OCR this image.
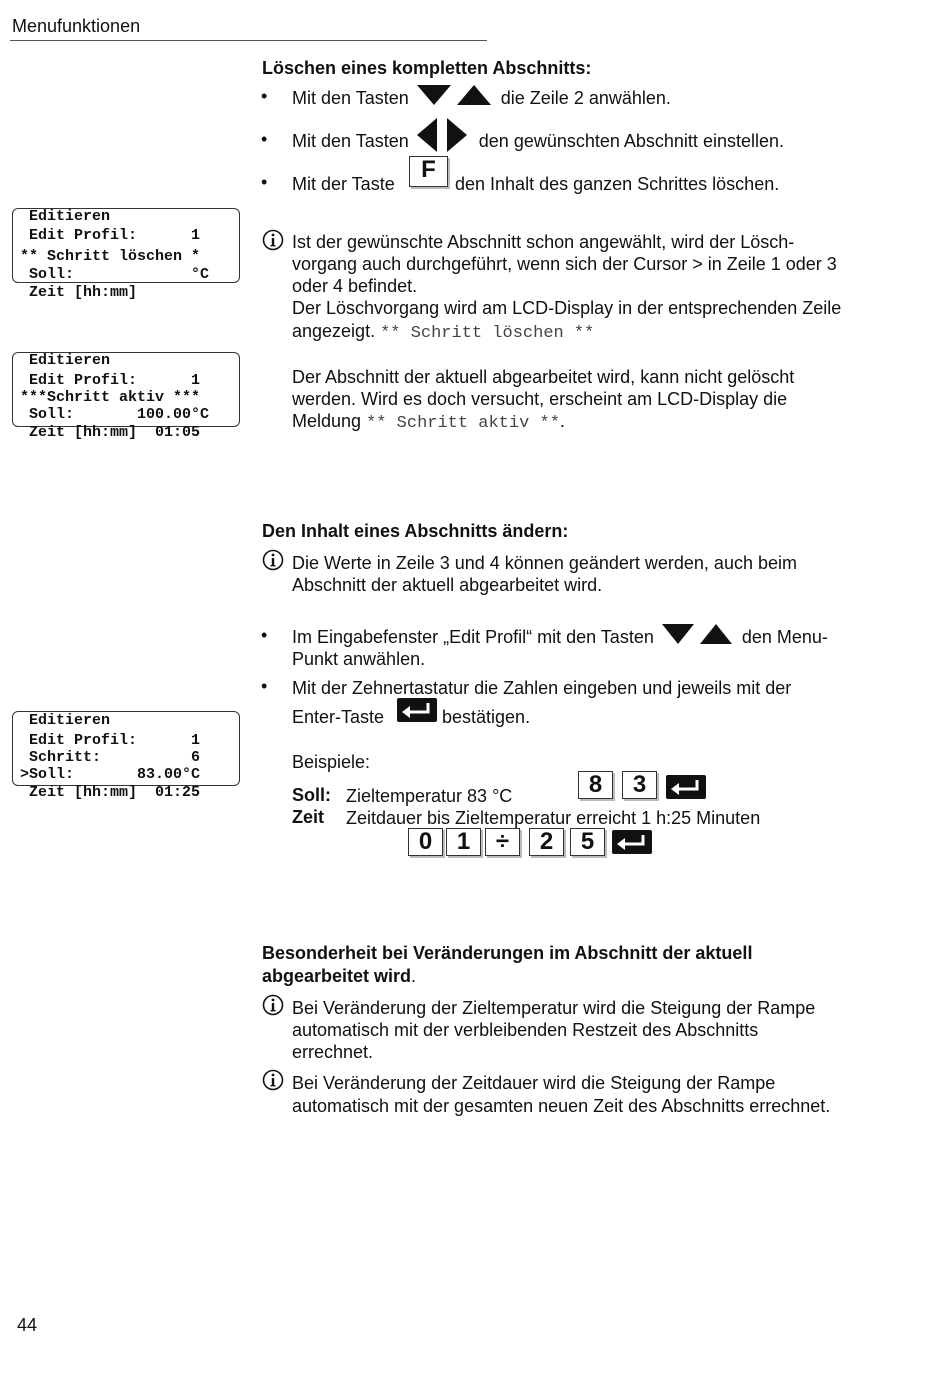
Menufunktionen
Editieren
Edit Profil:      1
** Schritt löschen *
Soll:             °C
Zeit [hh:mm]
Editieren
Edit Profil:      1
***Schritt aktiv ***
Soll:       100.00°C
Zeit [hh:mm]  01:05
Editieren
Edit Profil:      1
Schritt:          6
>Soll:       83.00°C
Zeit [hh:mm]  01:25
Löschen eines kompletten Abschnitts:
• Mit den Tasten	die Zeile 2 anwählen.
• Mit den Tasten	den gewünschten Abschnitt einstellen.
• Mit der Taste
F
den Inhalt des ganzen Schrittes löschen.
Ist der gewünschte Abschnitt schon angewählt, wird der Lösch-
vorgang auch durchgeführt, wenn sich der Cursor > in Zeile 1 oder 3
oder 4 befindet.
Der Löschvorgang wird am LCD-Display in der entsprechenden Zeile
angezeigt. ** Schritt löschen **
Der Abschnitt der aktuell abgearbeitet wird, kann nicht gelöscht
werden. Wird es doch versucht, erscheint am LCD-Display die
Meldung ** Schritt aktiv **.
Den Inhalt eines Abschnitts ändern:
Die Werte in Zeile 3 und 4 können geändert werden, auch beim
Abschnitt der aktuell abgearbeitet wird.
• Im Eingabefenster „Edit Profil“ mit den Tasten	den Menu-
Punkt anwählen.
• Mit der Zehnertastatur die Zahlen eingeben und jeweils mit der
Enter-Taste	bestätigen.
Beispiele:
Soll: Zieltemperatur 83 °C	8	3
Zeit Zeitdauer bis Zieltemperatur erreicht 1 h:25 Minuten
0	1	÷	2	5
Besonderheit bei Veränderungen im Abschnitt der aktuell
abgearbeitet wird.
Bei Veränderung der Zieltemperatur wird die Steigung der Rampe
automatisch mit der verbleibenden Restzeit des Abschnitts
errechnet.
Bei Veränderung der Zeitdauer wird die Steigung der Rampe
automatisch mit der gesamten neuen Zeit des Abschnitts errechnet.
44
